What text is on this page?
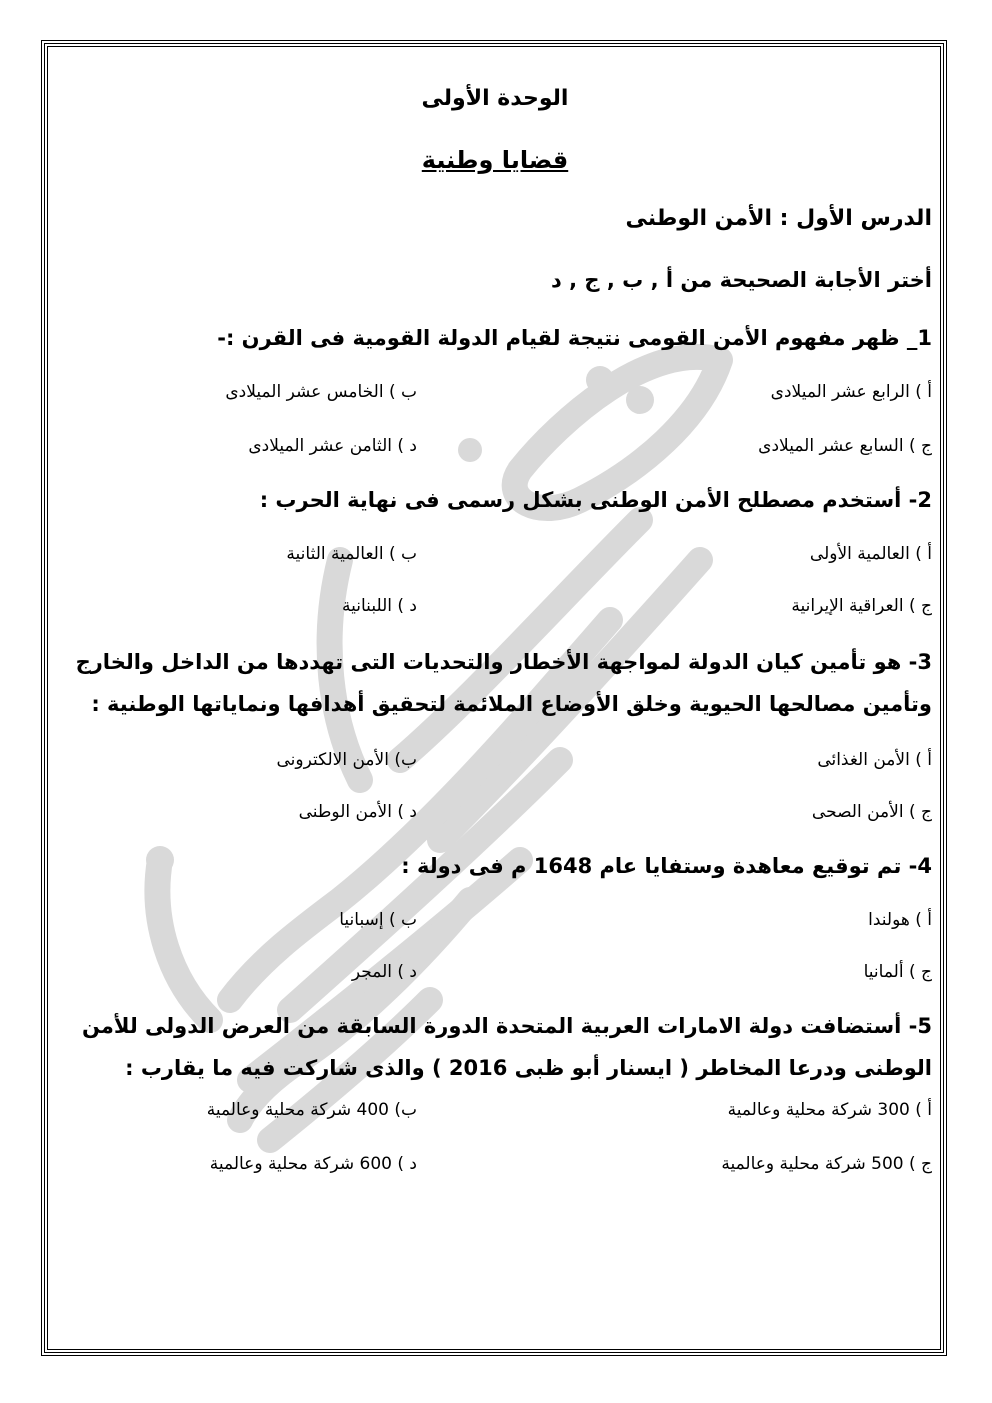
الوحدة الأولى
قضايا وطنية
الدرس الأول : الأمن الوطنى
أختر الأجابة الصحيحة من أ , ب , ج , د
1_ ظهر مفهوم الأمن القومى نتيجة لقيام الدولة القومية فى القرن :-
أ ) الرابع عشر الميلادى
ب ) الخامس عشر الميلادى
ج ) السابع عشر الميلادى
د ) الثامن عشر الميلادى
2- أستخدم مصطلح الأمن الوطنى بشكل رسمى فى نهاية الحرب :
أ ) العالمية الأولى
ب ) العالمية الثانية
ج ) العراقية الإيرانية
د ) اللبنانية
3- هو تأمين كيان الدولة لمواجهة الأخطار والتحديات التى تهددها من الداخل والخارج
وتأمين مصالحها الحيوية وخلق الأوضاع الملائمة لتحقيق أهدافها ونماياتها الوطنية :
أ ) الأمن الغذائى
ب) الأمن الالكترونى
ج ) الأمن الصحى
د ) الأمن الوطنى
4- تم توقيع معاهدة وستفايا عام 1648 م فى دولة :
أ ) هولندا
ب ) إسبانيا
ج ) ألمانيا
د ) المجر
5- أستضافت دولة الامارات العربية المتحدة الدورة السابقة من العرض الدولى للأمن
الوطنى ودرعا المخاطر ( ايسنار أبو ظبى 2016 ) والذى شاركت فيه ما يقارب :
أ ) 300 شركة محلية وعالمية
ب) 400 شركة محلية وعالمية
ج ) 500 شركة محلية وعالمية
د ) 600 شركة محلية وعالمية
